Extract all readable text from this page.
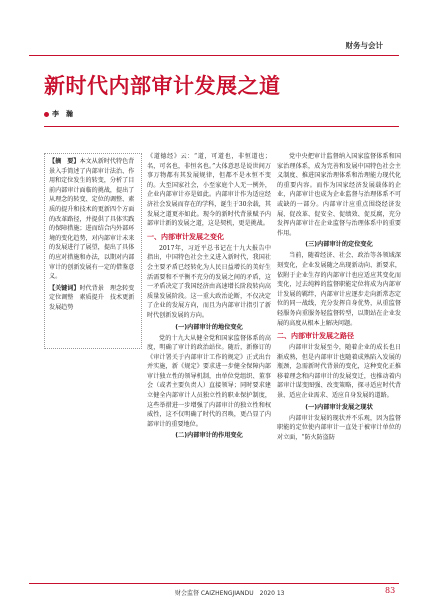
财务与会计
新时代内部审计发展之道
李　瀚
【摘　要】本文从新时代特色背景入手简述了内部审计法治、作用和定位发生的转变，分析了目前内部审计面临的挑战，提出了从理念的转变、定位的调整、素质的提升和技术的更新四个方面的改革路径，并提供了具体实践的保障措施；进而结合内外部环境的变化趋势，对内部审计未来的发展进行了展望，提出了具体的应对措施和办法，以期对内部审计的创新发展有一定的借鉴意义。
【关键词】时代背景　理念转变　定位调整　素质提升　技术更新　发展趋势

《道德经》云：“道，可道也，非恒道也；名，可名也，非恒名也。”大体意思是说世间万事万物都有其发展规律，但都不是永恒不变的。大至国家社会，小至家庭个人无一例外，企业内部审计亦是如此。内部审计作为适应经济社会发展而存在的学科，诞生于30余载，其发展之道更亦如此。现今的新时代背景赋予内部审计新的发展之道，这是契机，更是挑战。

一、内部审计发展之变化

2017年，习近平总书记在十九大报告中指出，中国特色社会主义进入新时代，我国社会主要矛盾已经转化为人民日益增长的美好生活需要和不平衡不充分的发展之间的矛盾，这一矛盾决定了我国经济由高速增长阶段转向高质量发展阶段。这一重大政治论断，不仅决定了企业的发展方向，而且为内部审计指引了新时代创新发展的方向。

(一)内部审计的地位变化

党的十九大从健全党和国家监督体系的高度，明确了审计的政治站位。随后，新修订的《审计署关于内部审计工作的规定》正式出台并实施，新《规定》要求进一步健全保障内部审计独立性的领导机制，由单位党组织、董事会（或者主要负责人）直接领导；同时要求建立健全内部审计人员独立性的职业保护制度，这些举措进一步增强了内部审计的独立性和权威性，这不仅明确了时代的召唤，更凸显了内部审计的重要地位。

(二)内部审计的作用变化

党中央把审计监督纳入国家监督体系和国家治理体系，成为完善和发展中国特色社会主义制度、推进国家治理体系和治理能力现代化的重要内容。而作为国家经济发展载体的企业，内部审计也成为企业监督与治理体系不可或缺的一部分。内部审计应重点围绕经济发展、促改革、促安全、促绩效、促反腐，充分发挥内部审计在企业监督与治理体系中的重要作用。

(三)内部审计的定位变化

当前，随着经济、社会、政治等各领域深刻变化，企业发展随之出现新动向、新要求，依附于企业生存的内部审计也应适应其变化而变化，过去纯粹的监督职能定位将成为内部审计发展的羁绊，内部审计应逐步走向新常态定位的同一战线，充分发挥自身优势，从重监督轻服务向重服务轻监督转型，以期站在企业发展的高度从根本上解决问题。

二、内部审计发展之路径

内部审计发展至今，随着企业的成长也日渐成熟，但是内部审计也随着成熟陷入发展的瓶颈，急需新时代背景的变化，这种变化正推移着理念和内部审计的发展变迁，也推动着内部审计谋变图强、改变策略，探寻适应时代背景、适应企业需求、适应自身发展的道路。

(一)内部审计发展之现状

内部审计发展的现状并不乐观，因为监督职能的定位使内部审计一直处于被审计单位的对立面，“防火防盗防

财会监督 CAIZHENGJIANDU　2020 13	83
